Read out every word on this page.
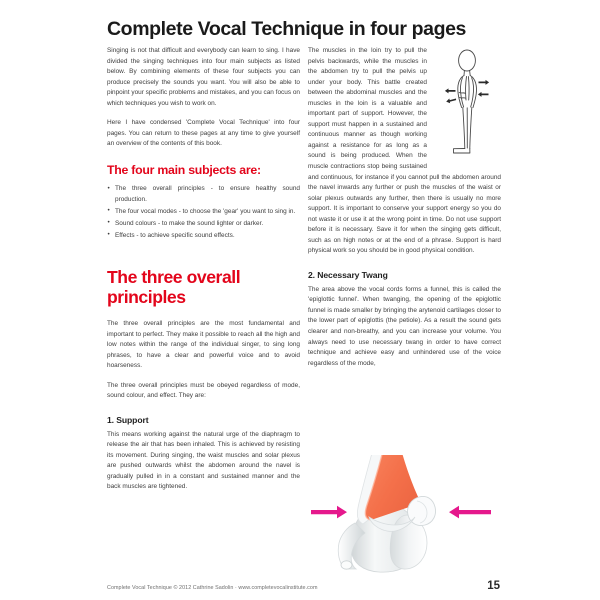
Complete Vocal Technique in four pages

Singing is not that difficult and everybody can learn to sing. I have divided the singing techniques into four main subjects as listed below. By combining elements of these four subjects you can produce precisely the sounds you want. You will also be able to pinpoint your specific problems and mistakes, and you can focus on which techniques you wish to work on.

Here I have condensed 'Complete Vocal Technique' into four pages. You can return to these pages at any time to give yourself an overview of the contents of this book.

The four main subjects are:
• The three overall principles - to ensure healthy sound production.
• The four vocal modes - to choose the 'gear' you want to sing in.
• Sound colours - to make the sound lighter or darker.
• Effects - to achieve specific sound effects.
The three overall principles

The three overall principles are the most fundamental and important to perfect. They make it possible to reach all the high and low notes within the range of the individual singer, to sing long phrases, to have a clear and powerful voice and to avoid hoarseness.

The three overall principles must be obeyed regardless of mode, sound colour, and effect. They are:

1. Support

This means working against the natural urge of the diaphragm to release the air that has been inhaled. This is achieved by resisting its movement. During singing, the waist muscles and solar plexus are pushed outwards whilst the abdomen around the navel is gradually pulled in in a constant and sustained manner and the back muscles are tightened.

The muscles in the loin try to pull the pelvis backwards, while the muscles in the abdomen try to pull the pelvis up under your body. This battle created between the abdominal muscles and the muscles in the loin is a valuable and important part of support. However, the support must happen in a sustained and continuous manner as though working against a resistance for as long as a sound is being produced. When the muscle contractions stop being sustained and continuous, for instance if you cannot pull the abdomen around the navel inwards any further or push the muscles of the waist or solar plexus outwards any further, then there is usually no more support. It is important to conserve your support energy so you do not waste it or use it at the wrong point in time. Do not use support before it is necessary. Save it for when the singing gets difficult, such as on high notes or at the end of a phrase. Support is hard physical work so you should be in good physical condition.

2. Necessary Twang

The area above the vocal cords forms a funnel, this is called the 'epiglottic funnel'. When twanging, the opening of the epiglottic funnel is made smaller by bringing the arytenoid cartilages closer to the lower part of epiglottis (the petiole). As a result the sound gets clearer and non-breathy, and you can increase your volume. You always need to use necessary twang in order to have correct technique and achieve easy and unhindered use of the voice regardless of the mode,

Complete Vocal Technique © 2012 Cathrine Sadolin · www.completevocalinstitute.com	15
